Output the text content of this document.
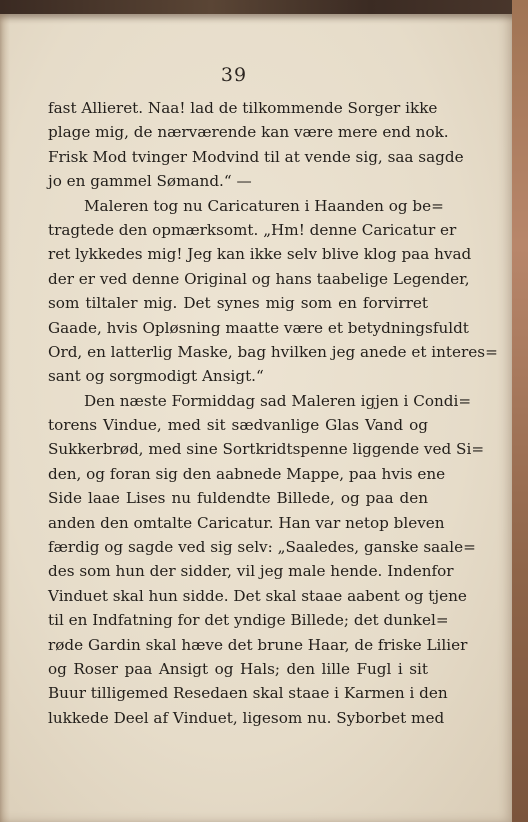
39
fast Allieret. Naa! lad de tilkommende Sorger ikke
plage mig, de nærværende kan være mere end nok.
Frisk Mod tvinger Modvind til at vende sig, saa sagde
jo en gammel Sømand.“ —
Maleren tog nu Caricaturen i Haanden og be=
tragtede den opmærksomt. „Hm! denne Caricatur er
ret lykkedes mig! Jeg kan ikke selv blive klog paa hvad
der er ved denne Original og hans taabelige Legender,
som tiltaler mig. Det synes mig som en forvirret
Gaade, hvis Opløsning maatte være et betydningsfuldt
Ord, en latterlig Maske, bag hvilken jeg anede et interes=
sant og sorgmodigt Ansigt.“
Den næste Formiddag sad Maleren igjen i Condi=
torens Vindue, med sit sædvanlige Glas Vand og
Sukkerbrød, med sine Sortkridtspenne liggende ved Si=
den, og foran sig den aabnede Mappe, paa hvis ene
Side laae Lises nu fuldendte Billede, og paa den
anden den omtalte Caricatur. Han var netop bleven
færdig og sagde ved sig selv: „Saaledes, ganske saale=
des som hun der sidder, vil jeg male hende. Indenfor
Vinduet skal hun sidde. Det skal staae aabent og tjene
til en Indfatning for det yndige Billede; det dunkel=
røde Gardin skal hæve det brune Haar, de friske Lilier
og Roser paa Ansigt og Hals; den lille Fugl i sit
Buur tilligemed Resedaen skal staae i Karmen i den
lukkede Deel af Vinduet, ligesom nu. Syborbet med
